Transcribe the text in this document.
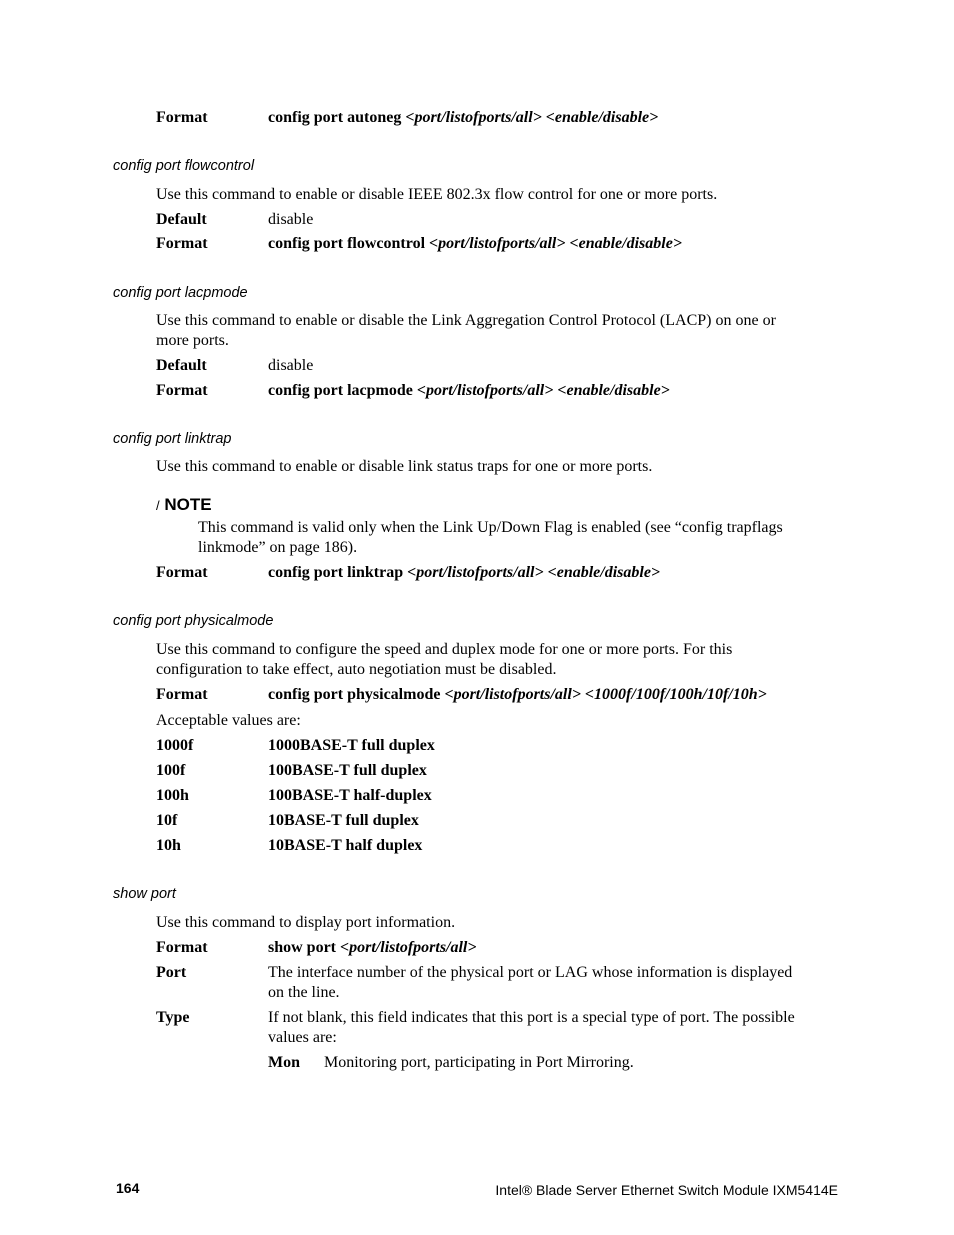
Format	config port autoneg <port/listofports/all> <enable/disable>
config port flowcontrol
Use this command to enable or disable IEEE 802.3x flow control for one or more ports.
Default	disable
Format	config port flowcontrol <port/listofports/all> <enable/disable>
config port lacpmode
Use this command to enable or disable the Link Aggregation Control Protocol (LACP) on one or
more ports.
Default	disable
Format	config port lacpmode <port/listofports/all> <enable/disable>
config port linktrap
Use this command to enable or disable link status traps for one or more ports.
/ NOTE
This command is valid only when the Link Up/Down Flag is enabled (see “config trapflags
linkmode” on page 186).
Format	config port linktrap <port/listofports/all> <enable/disable>
config port physicalmode
Use this command to configure the speed and duplex mode for one or more ports. For this
configuration to take effect, auto negotiation must be disabled.
Format	config port physicalmode <port/listofports/all> <1000f/100f/100h/10f/10h>
Acceptable values are:
1000f	1000BASE-T full duplex
100f	100BASE-T full duplex
100h	100BASE-T half-duplex
10f	10BASE-T full duplex
10h	10BASE-T half duplex
show port
Use this command to display port information.
Format	show port <port/listofports/all>
Port	The interface number of the physical port or LAG whose information is displayed
on the line.
Type	If not blank, this field indicates that this port is a special type of port. The possible
values are:
Mon Monitoring port, participating in Port Mirroring.
164	Intel® Blade Server Ethernet Switch Module IXM5414E
